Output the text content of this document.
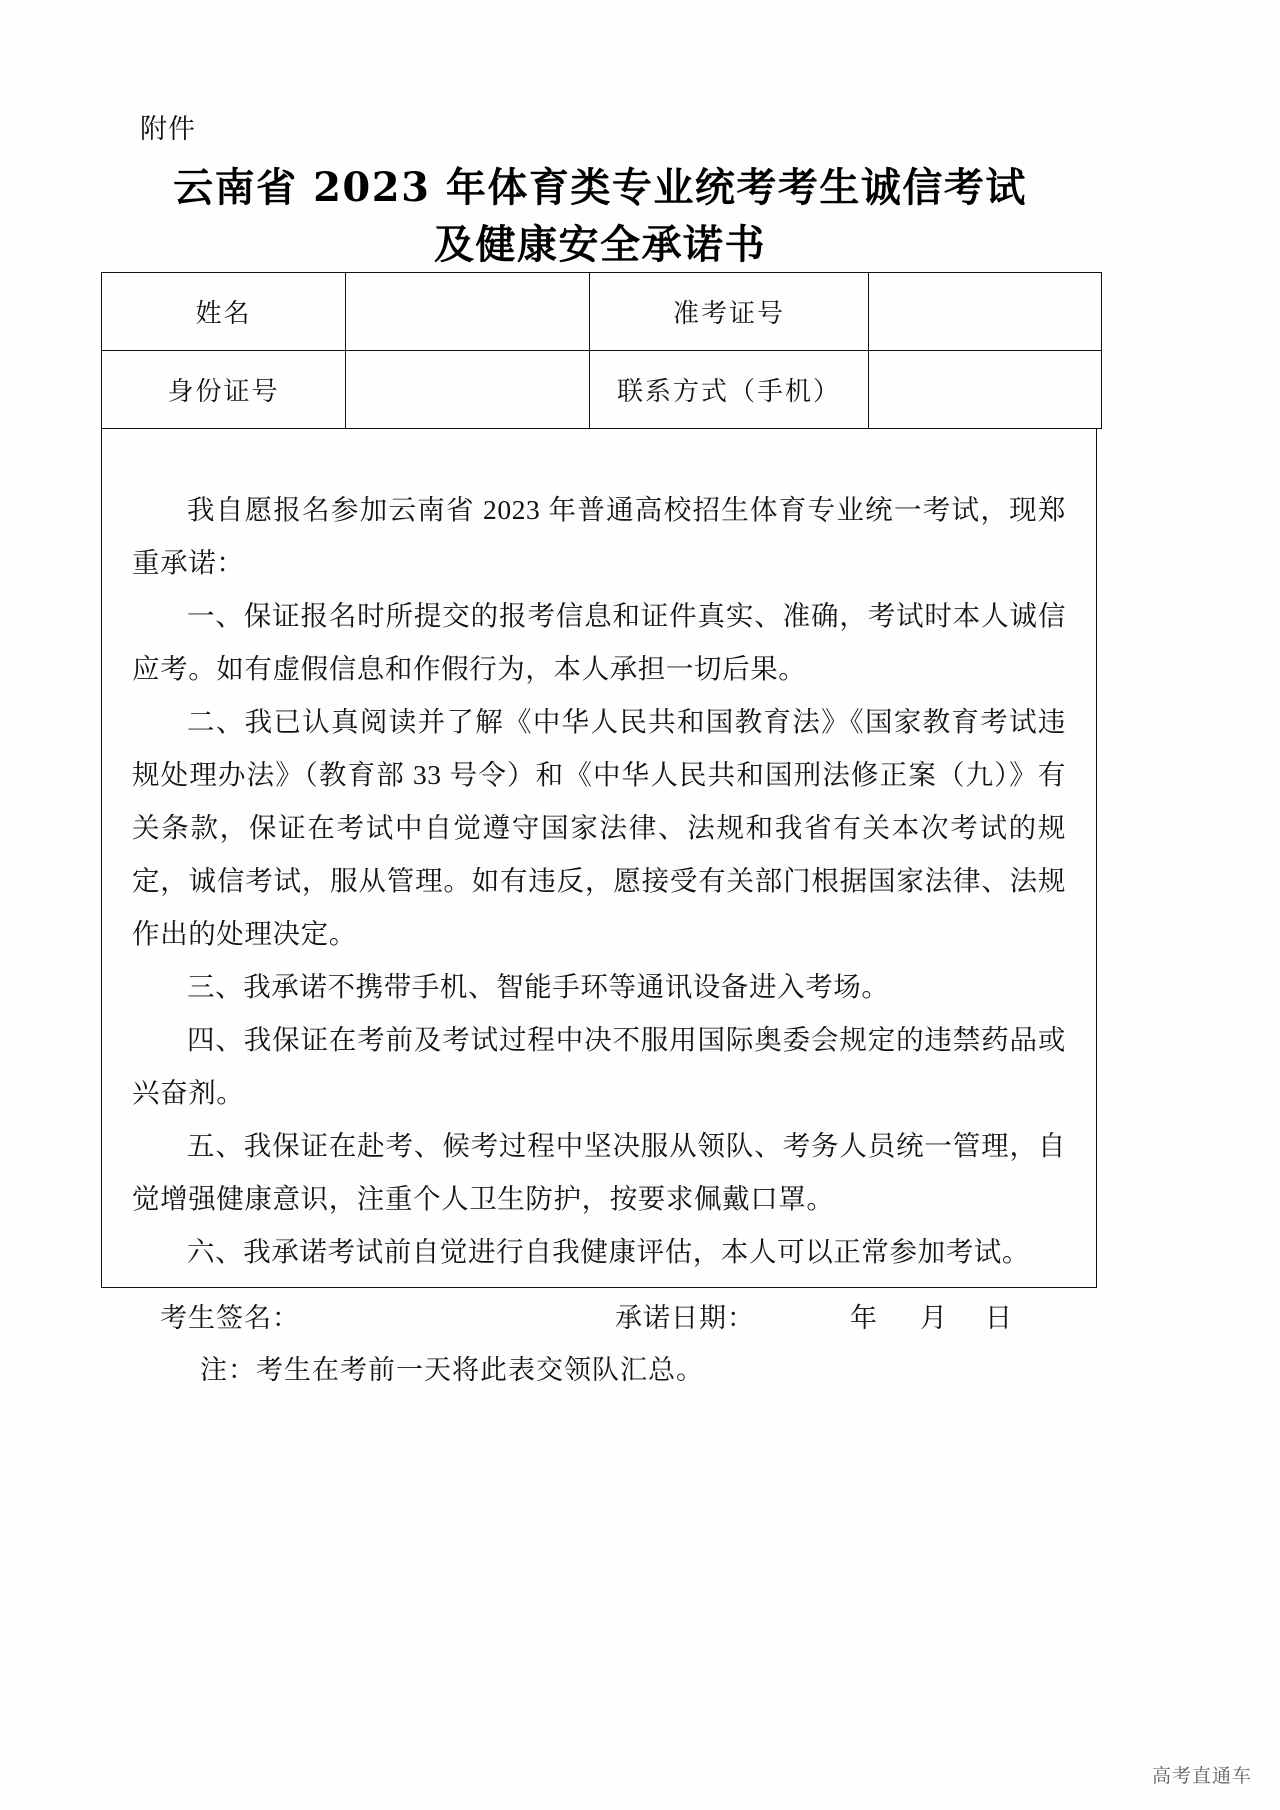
附件
云南省 2023 年体育类专业统考考生诚信考试
及健康安全承诺书
姓名		准考证号	
身份证号		联系方式（手机）	

我自愿报名参加云南省 2023 年普通高校招生体育专业统一考试，现郑重承诺：

一、保证报名时所提交的报考信息和证件真实、准确，考试时本人诚信应考。如有虚假信息和作假行为，本人承担一切后果。

二、我已认真阅读并了解《中华人民共和国教育法》《国家教育考试违规处理办法》（教育部 33 号令）和《中华人民共和国刑法修正案（九）》有关条款，保证在考试中自觉遵守国家法律、法规和我省有关本次考试的规定，诚信考试，服从管理。如有违反，愿接受有关部门根据国家法律、法规作出的处理决定。

三、我承诺不携带手机、智能手环等通讯设备进入考场。

四、我保证在考前及考试过程中决不服用国际奥委会规定的违禁药品或兴奋剂。

五、我保证在赴考、候考过程中坚决服从领队、考务人员统一管理，自觉增强健康意识，注重个人卫生防护，按要求佩戴口罩。

六、我承诺考试前自觉进行自我健康评估，本人可以正常参加考试。

考生签名：	承诺日期：	年 月 日
注：考生在考前一天将此表交领队汇总。
高考直通车
